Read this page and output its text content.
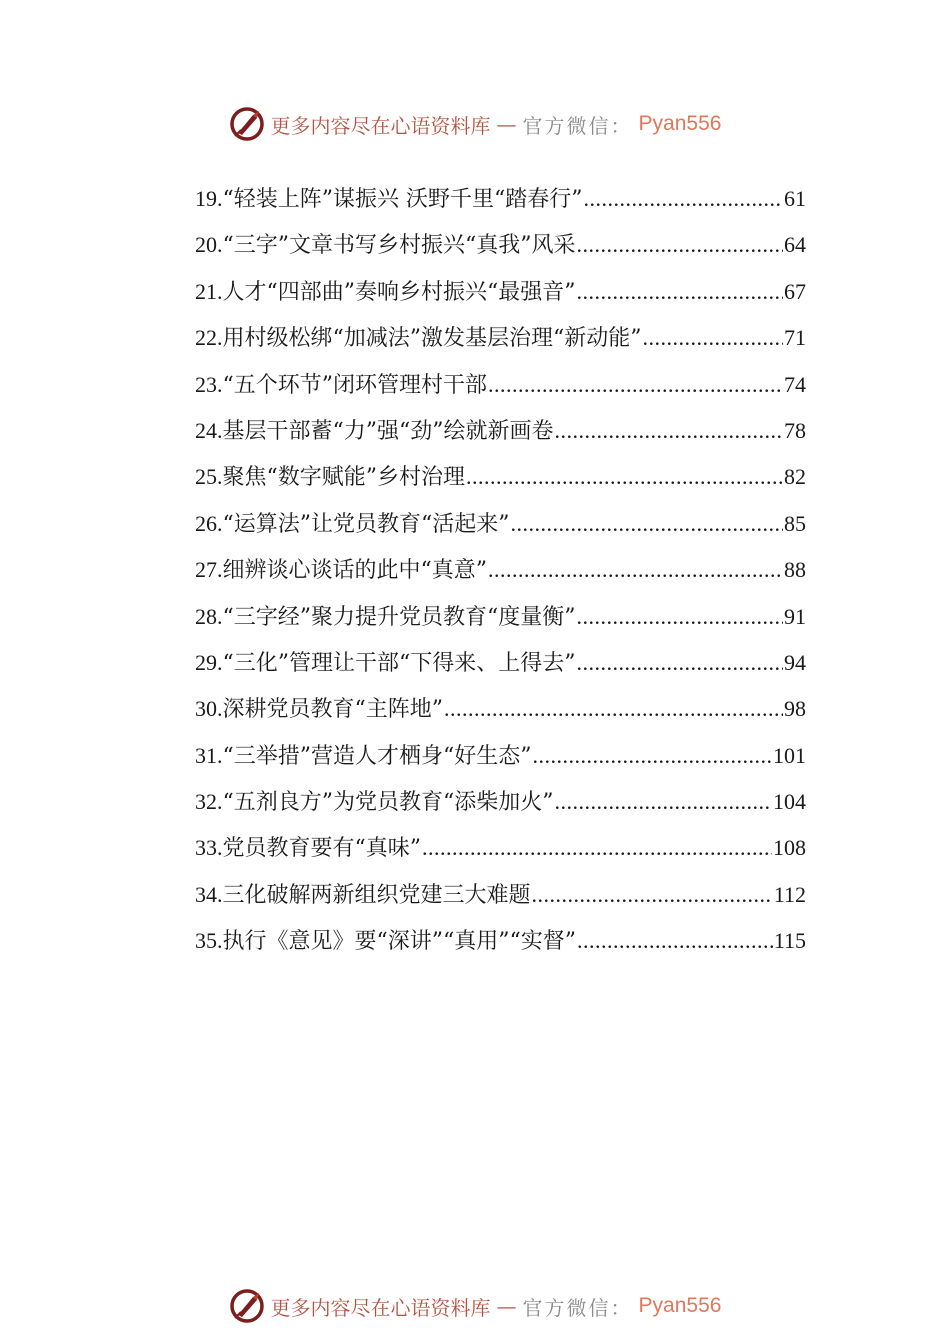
更多内容尽在心语资料库 — 官方微信： Pyan556
19. “轻装上阵”谋振兴 沃野千里“踏春行” .....	61
20. “三字”文章书写乡村振兴“真我”风采 .....	64
21. 人才“四部曲”奏响乡村振兴“最强音” .....	67
22. 用村级松绑“加减法”激发基层治理“新动能” .....	71
23. “五个环节”闭环管理村干部 .....	74
24. 基层干部蓄“力”强“劲”绘就新画卷 .....	78
25. 聚焦“数字赋能”乡村治理 .....	82
26. “运算法”让党员教育“活起来” .....	85
27. 细辨谈心谈话的此中“真意” .....	88
28. “三字经”聚力提升党员教育“度量衡” .....	91
29. “三化”管理让干部“下得来、上得去” .....	94
30. 深耕党员教育“主阵地” .....	98
31. “三举措”营造人才栖身“好生态” .....	101
32. “五剂良方”为党员教育“添柴加火” .....	104
33. 党员教育要有“真味” .....	108
34. 三化破解两新组织党建三大难题 .....	112
35. 执行《意见》要“深讲”“真用”“实督” .....	115
更多内容尽在心语资料库 — 官方微信： Pyan556
